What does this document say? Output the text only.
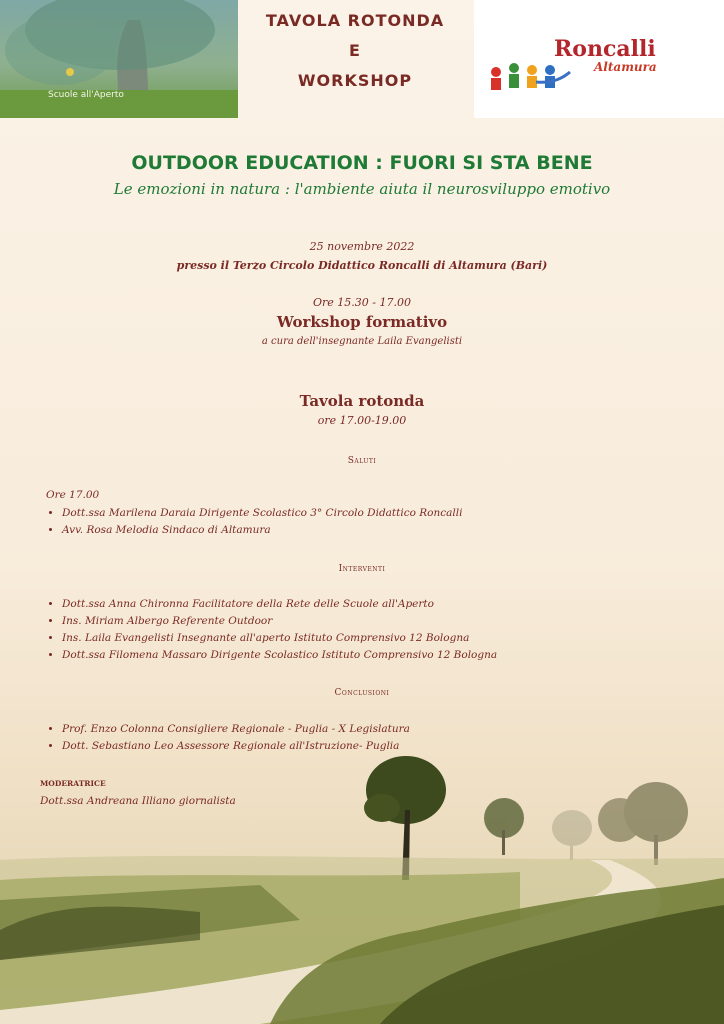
Scuole all'Aperto
TAVOLA ROTONDA
E
WORKSHOP
Roncalli
Altamura
OUTDOOR EDUCATION : FUORI SI STA BENE
Le emozioni in natura : l'ambiente aiuta il neurosviluppo emotivo
25 novembre 2022
presso il Terzo Circolo Didattico Roncalli di Altamura (Bari)
Ore 15.30 - 17.00
Workshop formativo
a cura dell'insegnante Laila Evangelisti
Tavola rotonda
ore 17.00-19.00
Saluti
Ore 17.00
• Dott.ssa Marilena Daraia Dirigente Scolastico 3° Circolo Didattico Roncalli
• Avv. Rosa Melodia Sindaco di Altamura
Interventi
• Dott.ssa Anna Chironna Facilitatore della Rete delle Scuole all'Aperto
• Ins. Miriam Albergo Referente Outdoor
• Ins. Laila Evangelisti Insegnante all'aperto Istituto Comprensivo 12 Bologna
• Dott.ssa Filomena Massaro Dirigente Scolastico Istituto Comprensivo 12 Bologna
Conclusioni
• Prof. Enzo Colonna Consigliere Regionale - Puglia - X Legislatura
• Dott. Sebastiano Leo Assessore Regionale all'Istruzione- Puglia
MODERATRICE
Dott.ssa Andreana Illiano giornalista
